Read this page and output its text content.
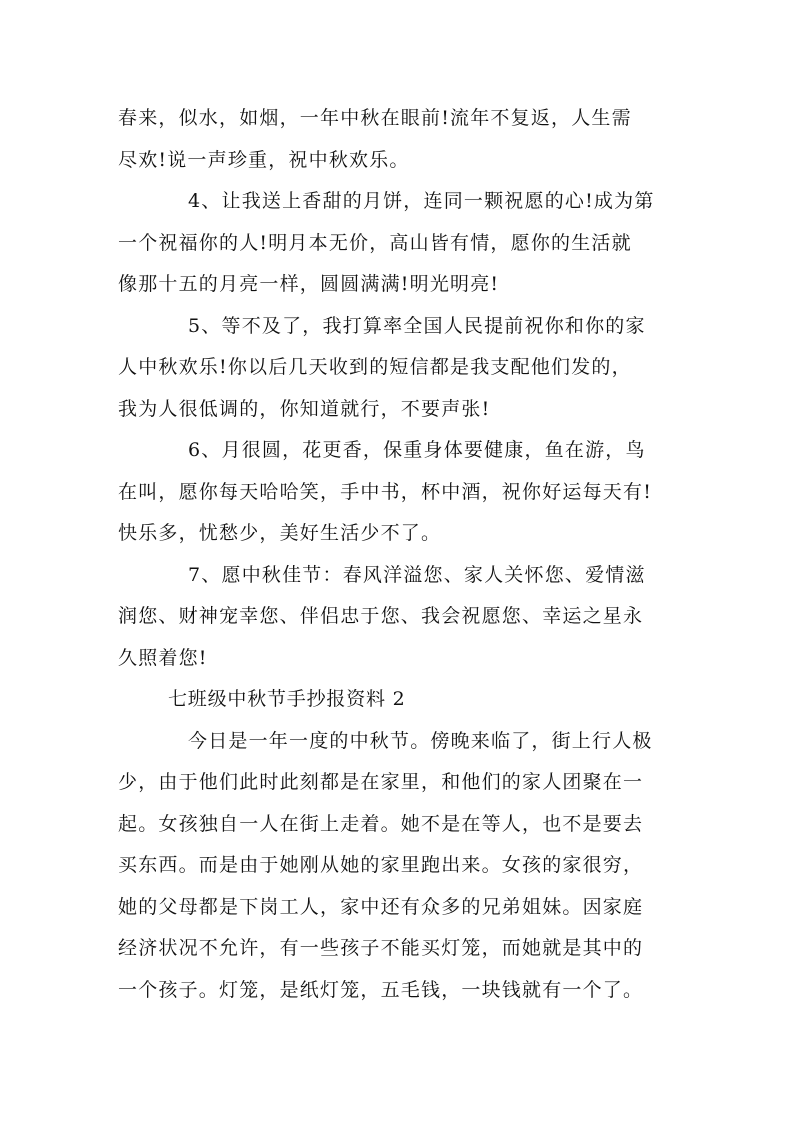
春来，似水，如烟，一年中秋在眼前!流年不复返，人生需
尽欢!说一声珍重，祝中秋欢乐。
4、让我送上香甜的月饼，连同一颗祝愿的心!成为第
一个祝福你的人!明月本无价，高山皆有情，愿你的生活就
像那十五的月亮一样，圆圆满满!明光明亮!
5、等不及了，我打算率全国人民提前祝你和你的家
人中秋欢乐!你以后几天收到的短信都是我支配他们发的，
我为人很低调的，你知道就行，不要声张!
6、月很圆，花更香，保重身体要健康，鱼在游，鸟
在叫，愿你每天哈哈笑，手中书，杯中酒，祝你好运每天有!
快乐多，忧愁少，美好生活少不了。
7、愿中秋佳节：春风洋溢您、家人关怀您、爱情滋
润您、财神宠幸您、伴侣忠于您、我会祝愿您、幸运之星永
久照着您!
七班级中秋节手抄报资料 2
今日是一年一度的中秋节。傍晚来临了，街上行人极
少，由于他们此时此刻都是在家里，和他们的家人团聚在一
起。女孩独自一人在街上走着。她不是在等人，也不是要去
买东西。而是由于她刚从她的家里跑出来。女孩的家很穷，
她的父母都是下岗工人，家中还有众多的兄弟姐妹。因家庭
经济状况不允许，有一些孩子不能买灯笼，而她就是其中的
一个孩子。灯笼，是纸灯笼，五毛钱，一块钱就有一个了。
